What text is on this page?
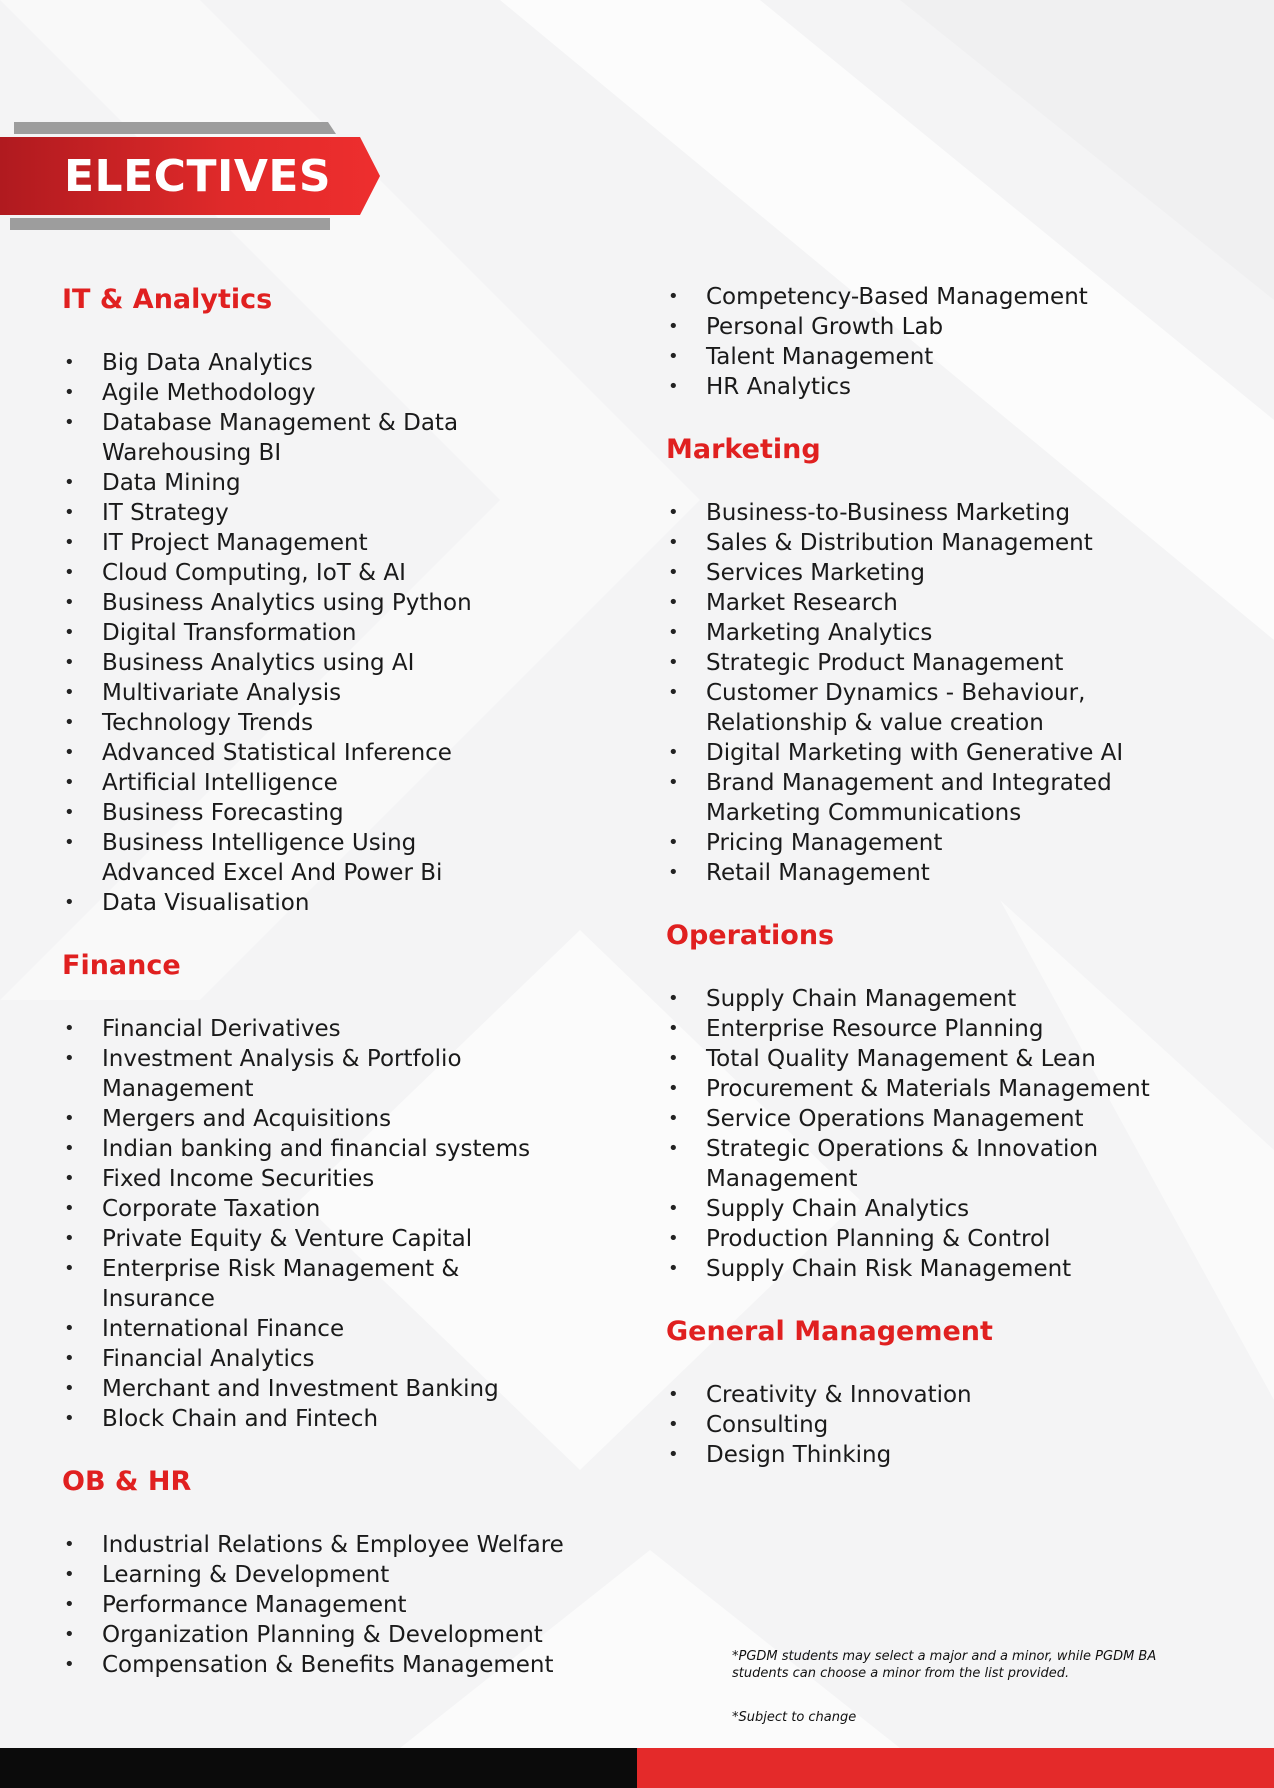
ELECTIVES
IT & Analytics
• Big Data Analytics
• Agile Methodology
• Database Management & Data Warehousing BI
• Data Mining
• IT Strategy
• IT Project Management
• Cloud Computing, IoT & AI
• Business Analytics using Python
• Digital Transformation
• Business Analytics using AI
• Multivariate Analysis
• Technology Trends
• Advanced Statistical Inference
• Artificial Intelligence
• Business Forecasting
• Business Intelligence Using Advanced Excel And Power Bi
• Data Visualisation
Finance
• Financial Derivatives
• Investment Analysis & Portfolio Management
• Mergers and Acquisitions
• Indian banking and financial systems
• Fixed Income Securities
• Corporate Taxation
• Private Equity & Venture Capital
• Enterprise Risk Management & Insurance
• International Finance
• Financial Analytics
• Merchant and Investment Banking
• Block Chain and Fintech
OB & HR
• Industrial Relations & Employee Welfare
• Learning & Development
• Performance Management
• Organization Planning & Development
• Compensation & Benefits Management
• Competency-Based Management
• Personal Growth Lab
• Talent Management
• HR Analytics
Marketing
• Business-to-Business Marketing
• Sales & Distribution Management
• Services Marketing
• Market Research
• Marketing Analytics
• Strategic Product Management
• Customer Dynamics - Behaviour, Relationship & value creation
• Digital Marketing with Generative AI
• Brand Management and Integrated Marketing Communications
• Pricing Management
• Retail Management
Operations
• Supply Chain Management
• Enterprise Resource Planning
• Total Quality Management & Lean
• Procurement & Materials Management
• Service Operations Management
• Strategic Operations & Innovation Management
• Supply Chain Analytics
• Production Planning & Control
• Supply Chain Risk Management
General Management
• Creativity & Innovation
• Consulting
• Design Thinking
*PGDM students may select a major and a minor, while PGDM BA students can choose a minor from the list provided.
*Subject to change
